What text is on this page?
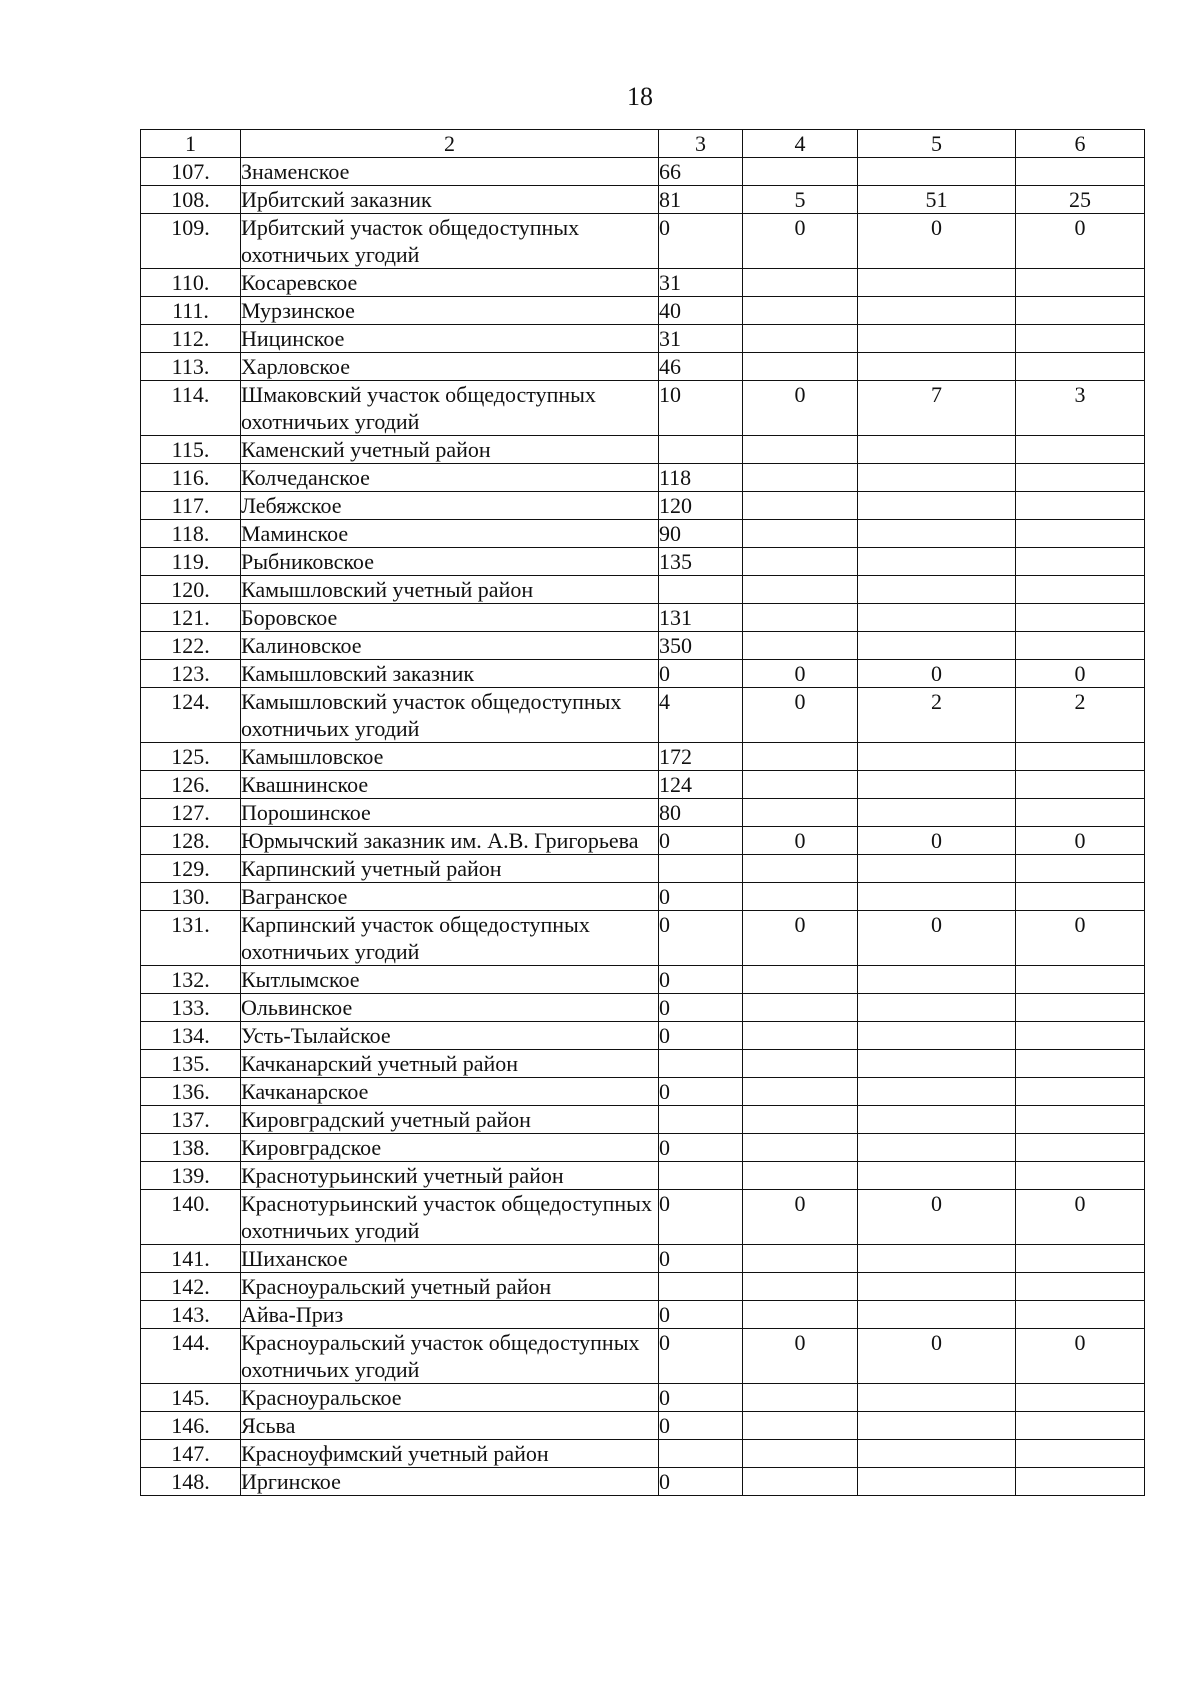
18
1	2	3	4	5	6
107.	Знаменское	66			
108.	Ирбитский заказник	81	5	51	25
109.	Ирбитский участок общедоступных охотничьих угодий	0	0	0	0
110.	Косаревское	31			
111.	Мурзинское	40			
112.	Ницинское	31			
113.	Харловское	46			
114.	Шмаковский участок общедоступных охотничьих угодий	10	0	7	3
115.	Каменский учетный район				
116.	Колчеданское	118			
117.	Лебяжское	120			
118.	Маминское	90			
119.	Рыбниковское	135			
120.	Камышловский учетный район				
121.	Боровское	131			
122.	Калиновское	350			
123.	Камышловский заказник	0	0	0	0
124.	Камышловский участок общедоступных охотничьих угодий	4	0	2	2
125.	Камышловское	172			
126.	Квашнинское	124			
127.	Порошинское	80			
128.	Юрмычский заказник им. А.В. Григорьева	0	0	0	0
129.	Карпинский учетный район				
130.	Вагранское	0			
131.	Карпинский участок общедоступных охотничьих угодий	0	0	0	0
132.	Кытлымское	0			
133.	Ольвинское	0			
134.	Усть-Тылайское	0			
135.	Качканарский учетный район				
136.	Качканарское	0			
137.	Кировградский учетный район				
138.	Кировградское	0			
139.	Краснотурьинский учетный район				
140.	Краснотурьинский участок общедоступных охотничьих угодий	0	0	0	0
141.	Шиханское	0			
142.	Красноуральский учетный район				
143.	Айва-Приз	0			
144.	Красноуральский участок общедоступных охотничьих угодий	0	0	0	0
145.	Красноуральское	0			
146.	Ясьва	0			
147.	Красноуфимский учетный район				
148.	Иргинское	0			
